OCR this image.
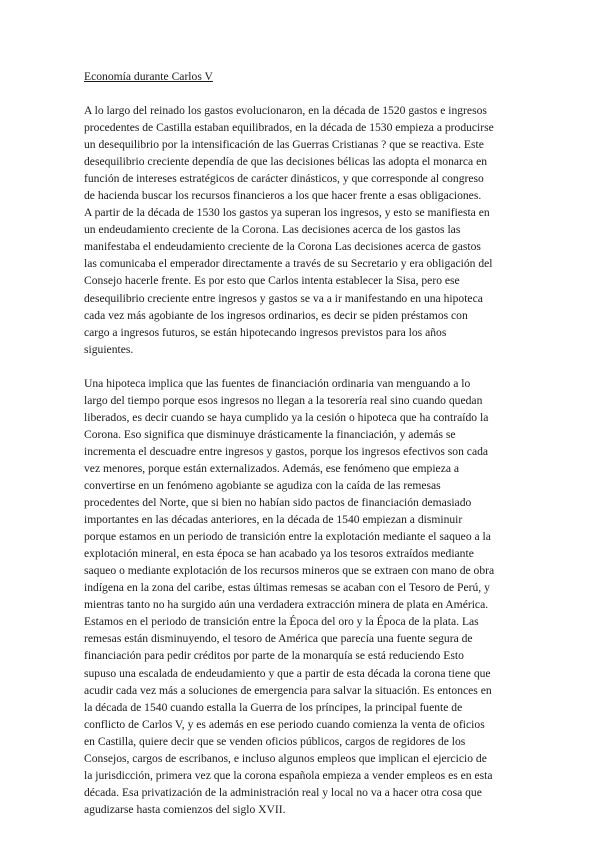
Economía durante Carlos V

A lo largo del reinado los gastos evolucionaron, en la década de 1520 gastos e ingresos
procedentes de Castilla estaban equilibrados, en la década de 1530 empieza a producirse
un desequilibrio por la intensificación de las Guerras Cristianas ? que se reactiva. Este
desequilibrio creciente dependía de que las decisiones bélicas las adopta el monarca en
función de intereses estratégicos de carácter dinásticos, y que corresponde al congreso
de hacienda buscar los recursos financieros a los que hacer frente a esas obligaciones.
A partir de la década de 1530 los gastos ya superan los ingresos, y esto se manifiesta en
un endeudamiento creciente de la Corona. Las decisiones acerca de los gastos las
manifestaba el endeudamiento creciente de la Corona Las decisiones acerca de gastos
las comunicaba el emperador directamente a través de su Secretario y era obligación del
Consejo hacerle frente. Es por esto que Carlos intenta establecer la Sisa, pero ese
desequilibrio creciente entre ingresos y gastos se va a ir manifestando en una hipoteca
cada vez más agobiante de los ingresos ordinarios, es decir se piden préstamos con
cargo a ingresos futuros, se están hipotecando ingresos previstos para los años
siguientes.

Una hipoteca implica que las fuentes de financiación ordinaria van menguando a lo
largo del tiempo porque esos ingresos no llegan a la tesorería real sino cuando quedan
liberados, es decir cuando se haya cumplido ya la cesión o hipoteca que ha contraído la
Corona. Eso significa que disminuye drásticamente la financiación, y además se
incrementa el descuadre entre ingresos y gastos, porque los ingresos efectivos son cada
vez menores, porque están externalizados. Además, ese fenómeno que empieza a
convertirse en un fenómeno agobiante se agudiza con la caída de las remesas
procedentes del Norte, que si bien no habían sido pactos de financiación demasiado
importantes en las décadas anteriores, en la década de 1540 empiezan a disminuir
porque estamos en un periodo de transición entre la explotación mediante el saqueo a la
explotación mineral, en esta época se han acabado ya los tesoros extraídos mediante
saqueo o mediante explotación de los recursos mineros que se extraen con mano de obra
indígena en la zona del caribe, estas últimas remesas se acaban con el Tesoro de Perú, y
mientras tanto no ha surgido aún una verdadera extracción minera de plata en América.
Estamos en el periodo de transición entre la Época del oro y la Época de la plata. Las
remesas están disminuyendo, el tesoro de América que parecía una fuente segura de
financiación para pedir créditos por parte de la monarquía se está reduciendo Esto
supuso una escalada de endeudamiento y que a partir de esta década la corona tiene que
acudir cada vez más a soluciones de emergencia para salvar la situación. Es entonces en
la década de 1540 cuando estalla la Guerra de los príncipes, la principal fuente de
conflicto de Carlos V, y es además en ese periodo cuando comienza la venta de oficios
en Castilla, quiere decir que se venden oficios públicos, cargos de regidores de los
Consejos, cargos de escribanos, e incluso algunos empleos que implican el ejercicio de
la jurisdicción, primera vez que la corona española empieza a vender empleos es en esta
década. Esa privatización de la administración real y local no va a hacer otra cosa que
agudizarse hasta comienzos del siglo XVII.
